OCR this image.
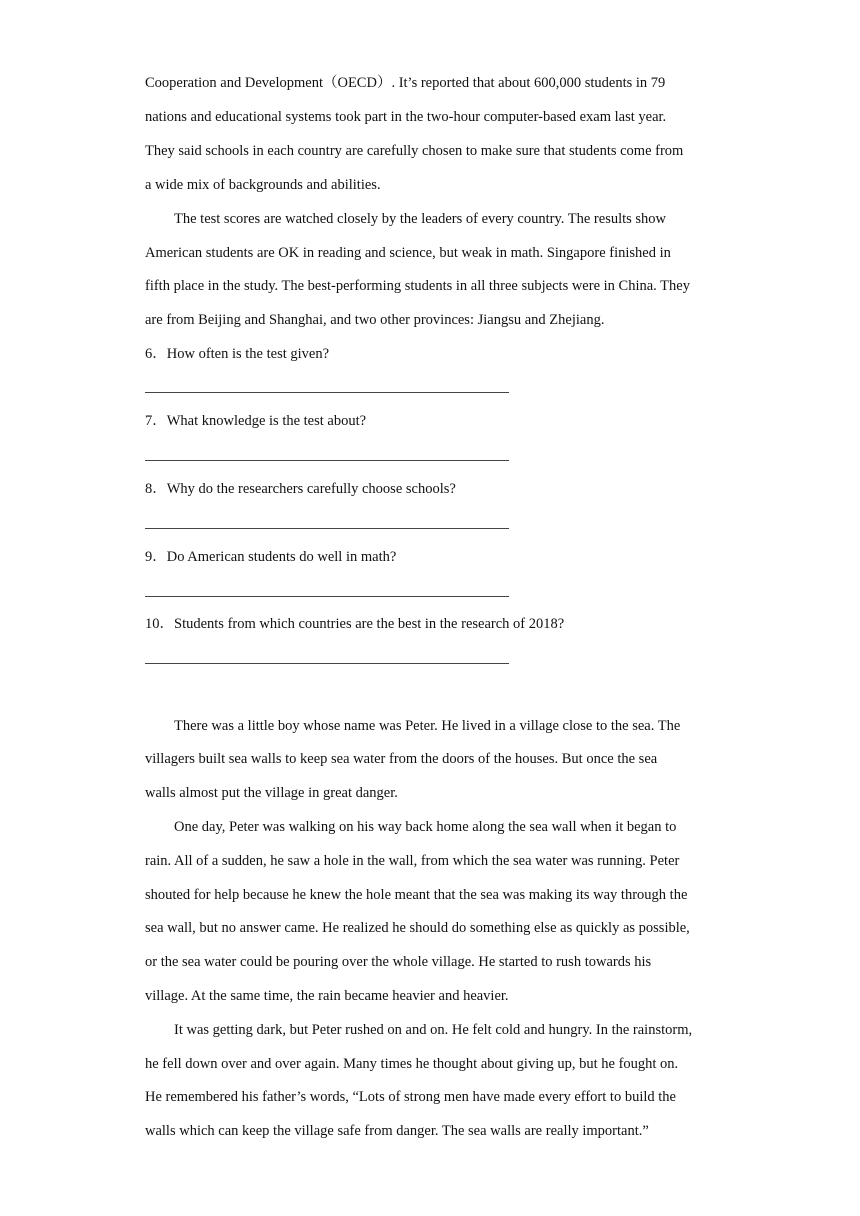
Cooperation and Development（OECD）. It’s reported that about 600,000 students in 79
nations and educational systems took part in the two-hour computer-based exam last year.
They said schools in each country are carefully chosen to make sure that students come from
a wide mix of backgrounds and abilities.
The test scores are watched closely by the leaders of every country. The results show
American students are OK in reading and science, but weak in math. Singapore finished in
fifth place in the study. The best-performing students in all three subjects were in China. They
are from Beijing and Shanghai, and two other provinces: Jiangsu and Zhejiang.
6．How often is the test given?
7．What knowledge is the test about?
8．Why do the researchers carefully choose schools?
9．Do American students do well in math?
10．Students from which countries are the best in the research of 2018?
There was a little boy whose name was Peter. He lived in a village close to the sea. The
villagers built sea walls to keep sea water from the doors of the houses. But once the sea
walls almost put the village in great danger.
One day, Peter was walking on his way back home along the sea wall when it began to
rain. All of a sudden, he saw a hole in the wall, from which the sea water was running. Peter
shouted for help because he knew the hole meant that the sea was making its way through the
sea wall, but no answer came. He realized he should do something else as quickly as possible,
or the sea water could be pouring over the whole village. He started to rush towards his
village. At the same time, the rain became heavier and heavier.
It was getting dark, but Peter rushed on and on. He felt cold and hungry. In the rainstorm,
he fell down over and over again. Many times he thought about giving up, but he fought on.
He remembered his father’s words, “Lots of strong men have made every effort to build the
walls which can keep the village safe from danger. The sea walls are really important.”
